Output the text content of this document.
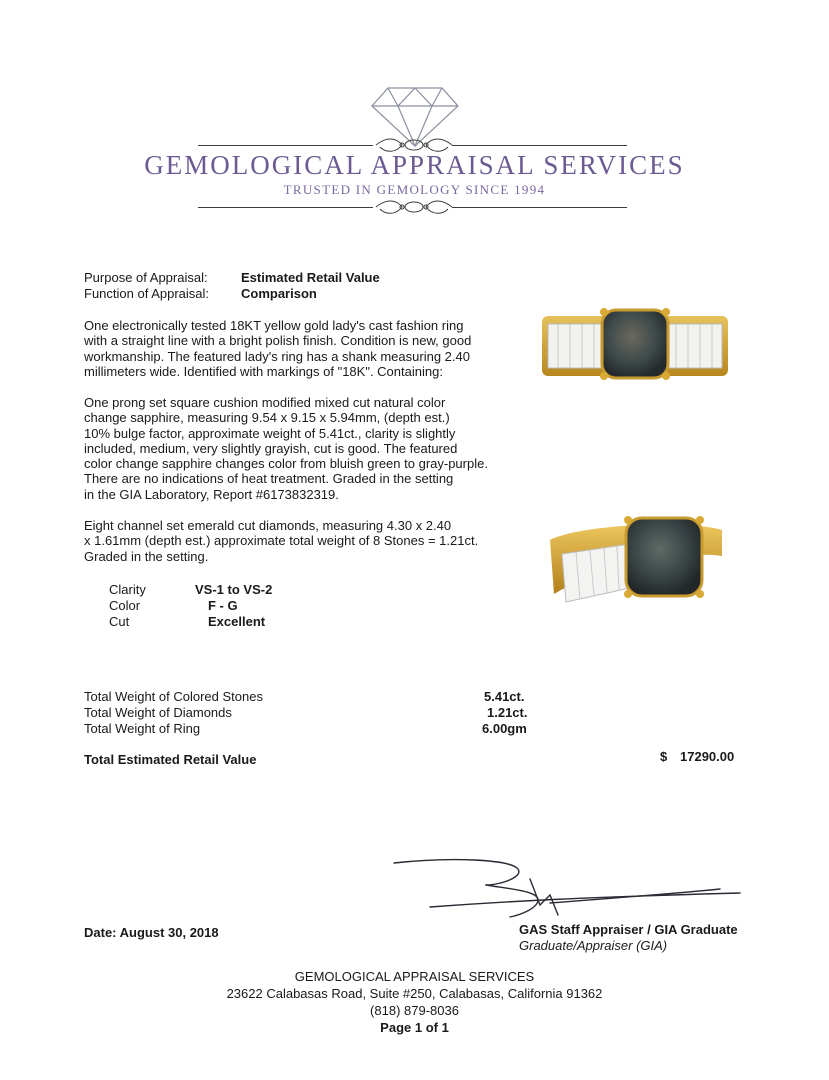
GEMOLOGICAL APPRAISAL SERVICES
TRUSTED IN GEMOLOGY SINCE 1994
Purpose of Appraisal:	Estimated Retail Value
Function of Appraisal: Comparison
One electronically tested 18KT yellow gold lady's cast fashion ring
with a straight line with a bright polish finish. Condition is new, good
workmanship. The featured lady's ring has a shank measuring 2.40
millimeters wide. Identified with markings of "18K". Containing:
One prong set square cushion modified mixed cut natural color
change sapphire, measuring 9.54 x 9.15 x 5.94mm, (depth est.)
10% bulge factor, approximate weight of 5.41ct., clarity is slightly
included, medium, very slightly grayish, cut is good. The featured
color change sapphire changes color from bluish green to gray-purple.
There are no indications of heat treatment. Graded in the setting
in the GIA Laboratory, Report #6173832319.
Eight channel set emerald cut diamonds, measuring 4.30 x 2.40
x 1.61mm (depth est.) approximate total weight of 8 Stones = 1.21ct.
Graded in the setting.
Clarity	VS-1 to VS-2
Color	F - G
Cut	Excellent
Total Weight of Colored Stones	5.41ct.
Total Weight of Diamonds	1.21ct.
Total Weight of Ring	6.00gm
Total Estimated Retail Value	$ 17290.00
Date: August 30, 2018	GAS Staff Appraiser / GIA Graduate
Graduate/Appraiser (GIA)
GEMOLOGICAL APPRAISAL SERVICES
23622 Calabasas Road, Suite #250, Calabasas, California 91362
(818) 879-8036
Page 1 of 1
